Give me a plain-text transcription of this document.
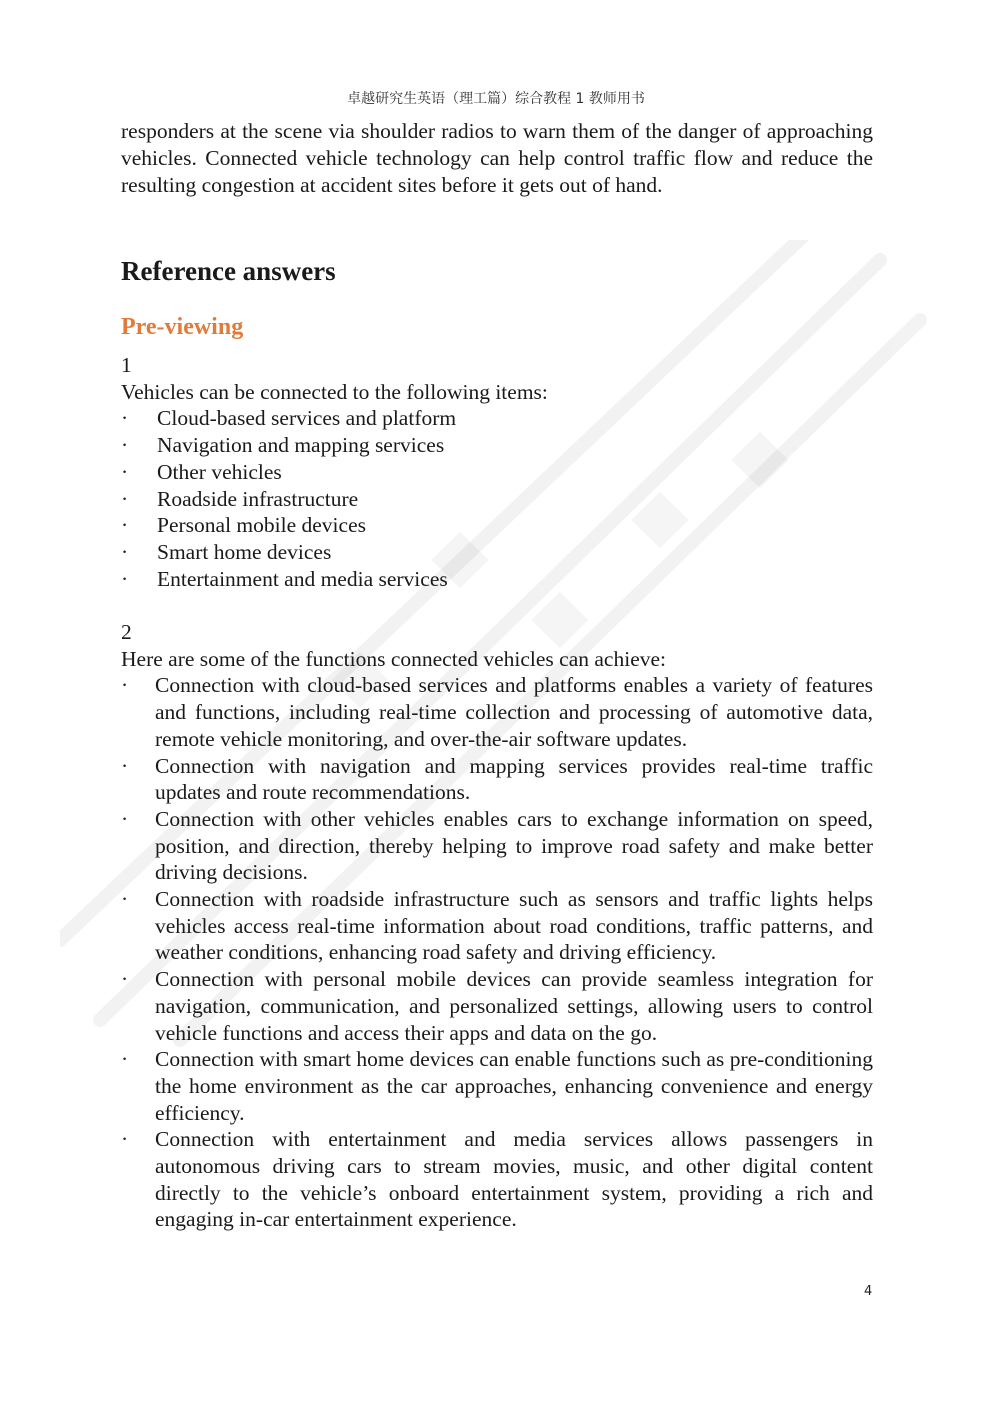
卓越研究生英语（理工篇）综合教程 1 教师用书

responders at the scene via shoulder radios to warn them of the danger of approaching vehicles. Connected vehicle technology can help control traffic flow and reduce the resulting congestion at accident sites before it gets out of hand.

Reference answers
Pre-viewing

1

Vehicles can be connected to the following items:

·	Cloud-based services and platform
·	Navigation and mapping services
·	Other vehicles
·	Roadside infrastructure
·	Personal mobile devices
·	Smart home devices
·	Entertainment and media services

2

Here are some of the functions connected vehicles can achieve:

·	Connection with cloud-based services and platforms enables a variety of features and functions, including real-time collection and processing of automotive data, remote vehicle monitoring, and over-the-air software updates.
·	Connection with navigation and mapping services provides real-time traffic updates and route recommendations.
·	Connection with other vehicles enables cars to exchange information on speed, position, and direction, thereby helping to improve road safety and make better driving decisions.
·	Connection with roadside infrastructure such as sensors and traffic lights helps vehicles access real-time information about road conditions, traffic patterns, and weather conditions, enhancing road safety and driving efficiency.
·	Connection with personal mobile devices can provide seamless integration for navigation, communication, and personalized settings, allowing users to control vehicle functions and access their apps and data on the go.
·	Connection with smart home devices can enable functions such as pre-conditioning the home environment as the car approaches, enhancing convenience and energy efficiency.
·	Connection with entertainment and media services allows passengers in autonomous driving cars to stream movies, music, and other digital content directly to the vehicle’s onboard entertainment system, providing a rich and engaging in-car entertainment experience.
4
